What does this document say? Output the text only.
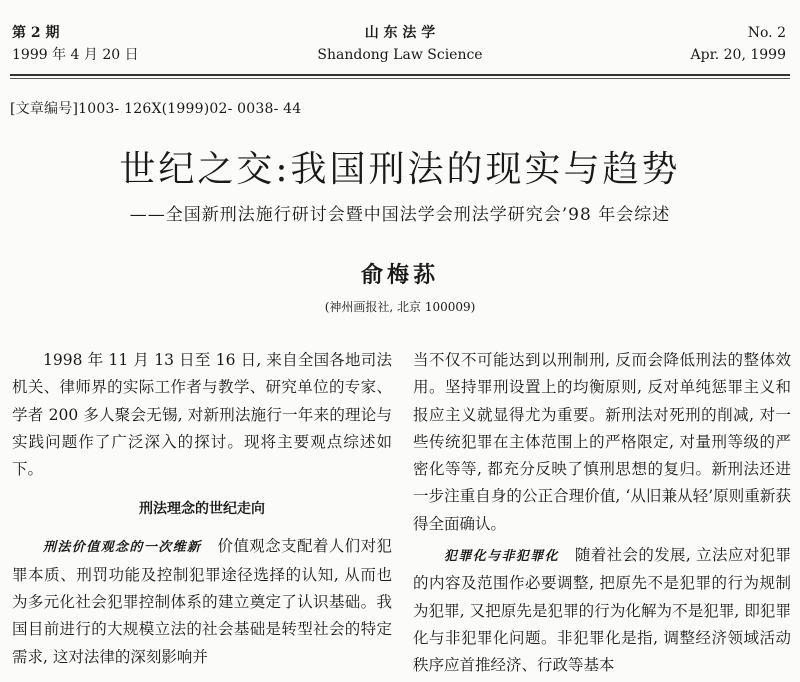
第 2 期
1999 年 4 月 20 日
山 东 法 学
Shandong Law Science
No. 2
Apr. 20, 1999
[文章编号]1003- 126X(1999)02- 0038- 44
世纪之交:我国刑法的现实与趋势
——全国新刑法施行研讨会暨中国法学会刑法学研究会’98 年会综述
俞梅荪
(神州画报社, 北京 100009)

1998 年 11 月 13 日至 16 日, 来自全国各地司法机关、律师界的实际工作者与教学、研究单位的专家、学者 200 多人聚会无锡, 对新刑法施行一年来的理论与实践问题作了广泛深入的探讨。现将主要观点综述如下。

刑法理念的世纪走向

刑法价值观念的一次维新 价值观念支配着人们对犯罪本质、刑罚功能及控制犯罪途径选择的认知, 从而也为多元化社会犯罪控制体系的建立奠定了认识基础。我国目前进行的大规模立法的社会基础是转型社会的特定需求, 这对法律的深刻影响并

当不仅不可能达到以刑制刑, 反而会降低刑法的整体效用。坚持罪刑设置上的均衡原则, 反对单纯惩罪主义和报应主义就显得尤为重要。新刑法对死刑的削减, 对一些传统犯罪在主体范围上的严格限定, 对量刑等级的严密化等等, 都充分反映了慎刑思想的复归。新刑法还进一步注重自身的公正合理价值, ‘从旧兼从轻’原则重新获得全面确认。

犯罪化与非犯罪化 随着社会的发展, 立法应对犯罪的内容及范围作必要调整, 把原先不是犯罪的行为规制为犯罪, 又把原先是犯罪的行为化解为不是犯罪, 即犯罪化与非犯罪化问题。非犯罪化是指, 调整经济领域活动秩序应首推经济、行政等基本
